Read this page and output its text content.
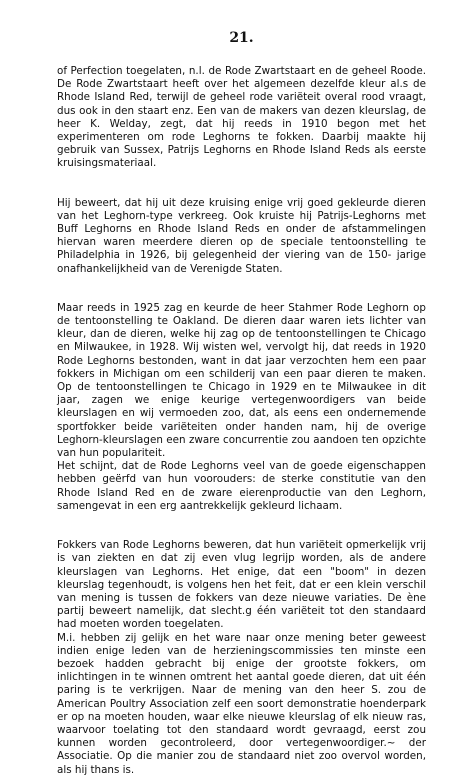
21.

of Perfection toegelaten, n.l. de Rode Zwartstaart en de geheel Roode. De Rode Zwartstaart heeft over het algemeen dezelfde kleur al.s de Rhode Island Red, terwijl de geheel rode variëteit overal rood vraagt, dus ook in den staart enz. Een van de makers van dezen kleurslag, de heer K. Welday, zegt, dat hij reeds in 1910 begon met het experimenteren om rode Leghorns te fokken. Daarbij maakte hij gebruik van Sussex, Patrijs Leghorns en Rhode Island Reds als eerste kruisingsmateriaal.

Hij beweert, dat hij uit deze kruising enige vrij goed gekleurde dieren van het Leghorn-type verkreeg. Ook kruiste hij Patrijs-Leghorns met Buff Leghorns en Rhode Island Reds en onder de afstammelingen hiervan waren meerdere dieren op de speciale tentoonstelling te Philadelphia in 1926, bij gelegenheid der viering van de 150- jarige onafhankelijkheid van de Verenigde Staten.

Maar reeds in 1925 zag en keurde de heer Stahmer Rode Leghorn op de tentoonstelling te Oakland. De dieren daar waren iets lichter van kleur, dan de dieren, welke hij zag op de tentoonstellingen te Chicago en Milwaukee, in 1928. Wij wisten wel, vervolgt hij, dat reeds in 1920 Rode Leghorns bestonden, want in dat jaar verzochten hem een paar fokkers in Michigan om een schilderij van een paar dieren te maken. Op de tentoonstellingen te Chicago in 1929 en te Milwaukee in dit jaar, zagen we enige keurige vertegenwoordigers van beide kleurslagen en wij vermoeden zoo, dat, als eens een ondernemende sportfokker beide variëteiten onder handen nam, hij de overige Leghorn-kleurslagen een zware concurrentie zou aandoen ten opzichte van hun populariteit.

Het schijnt, dat de Rode Leghorns veel van de goede eigenschappen hebben geërfd van hun voorouders: de sterke constitutie van den Rhode Island Red en de zware eierenproductie van den Leghorn, samengevat in een erg aantrekkelijk gekleurd lichaam.

Fokkers van Rode Leghorns beweren, dat hun variëteit opmerkelijk vrij is van ziekten en dat zij even vlug legrijp worden, als de andere kleurslagen van Leghorns. Het enige, dat een "boom" in dezen kleurslag tegenhoudt, is volgens hen het feit, dat er een klein verschil van mening is tussen de fokkers van deze nieuwe variaties. De ène partij beweert namelijk, dat slecht.g één variëteit tot den standaard had moeten worden toegelaten.

M.i. hebben zij gelijk en het ware naar onze mening beter geweest indien enige leden van de herzieningscommissies ten minste een bezoek hadden gebracht bij enige der grootste fokkers, om inlichtingen in te winnen omtrent het aantal goede dieren, dat uit één paring is te verkrijgen. Naar de mening van den heer S. zou de American Poultry Association zelf een soort demonstratie hoenderpark er op na moeten houden, waar elke nieuwe kleurslag of elk nieuw ras, waarvoor toelating tot den standaard wordt gevraagd, eerst zou kunnen worden gecontroleerd, door vertegenwoordiger.~ der Associatie. Op die manier zou de standaard niet zoo overvol worden, als hij thans is.
